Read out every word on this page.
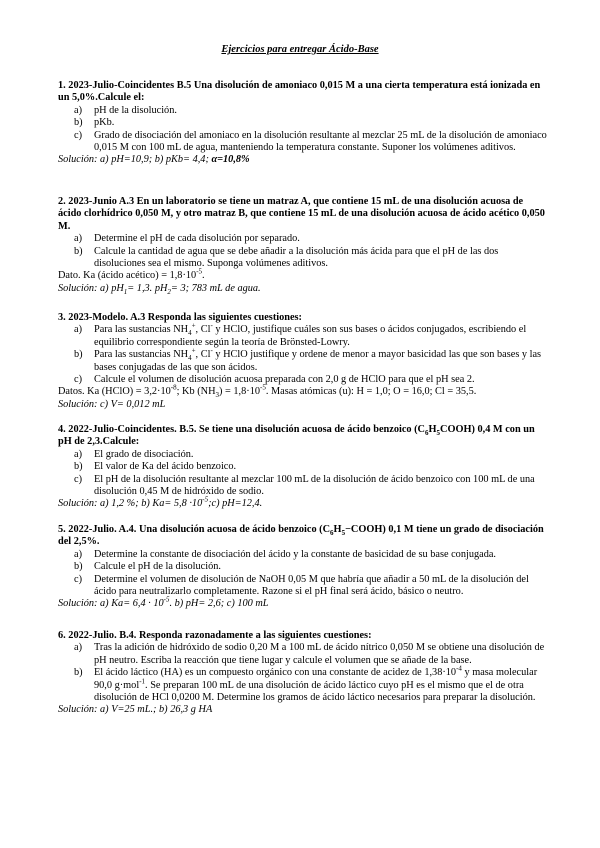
Ejercicios para entregar Ácido-Base
1. 2023-Julio-Coincidentes B.5 Una disolución de amoniaco 0,015 M a una cierta temperatura está ionizada en un 5,0%.Calcule el:
a) pH de la disolución.
b) pKb.
c) Grado de disociación del amoniaco en la disolución resultante al mezclar 25 mL de la disolución de amoniaco 0,015 M con 100 mL de agua, manteniendo la temperatura constante. Suponer los volúmenes aditivos.
Solución: a) pH=10,9; b) pKb= 4,4; α=10,8%
2. 2023-Junio A.3 En un laboratorio se tiene un matraz A, que contiene 15 mL de una disolución acuosa de ácido clorhídrico 0,050 M, y otro matraz B, que contiene 15 mL de una disolución acuosa de ácido acético 0,050 M.
a) Determine el pH de cada disolución por separado.
b) Calcule la cantidad de agua que se debe añadir a la disolución más ácida para que el pH de las dos disoluciones sea el mismo. Suponga volúmenes aditivos.
Dato. Ka (ácido acético) = $1,8\cdot 10^{-5}$.
Solución: a) $pH_1= 1,3$. $pH_2= 3$; 783 mL de agua.
3. 2023-Modelo. A.3 Responda las siguientes cuestiones:
a) Para las sustancias $NH_4^+$, Cl- y HClO, justifique cuáles son sus bases o ácidos conjugados, escribiendo el equilibrio correspondiente según la teoría de Brönsted-Lowry.
b) Para las sustancias $NH_4^+$, Cl- y HClO justifique y ordene de menor a mayor basicidad las que son bases y las bases conjugadas de las que son ácidos.
c) Calcule el volumen de disolución acuosa preparada con 2,0 g de HClO para que el pH sea 2.
Datos. Ka (HClO) = $3,2\cdot 10^{-8}$; Kb $(NH_3) = 1,8\cdot 10^{-5}$. Masas atómicas (u): H = 1,0; O = 16,0; Cl = 35,5.
Solución: c) V= 0,012 mL
4. 2022-Julio-Coincidentes. B.5. Se tiene una disolución acuosa de ácido benzoico $(C_6H_5COOH)$ 0,4 M con un pH de 2,3.Calcule:
a) El grado de disociación.
b) El valor de Ka del ácido benzoico.
c) El pH de la disolución resultante al mezclar 100 mL de la disolución de ácido benzoico con 100 mL de una disolución 0,45 M de hidróxido de sodio.
Solución: a) 1,2 %; b) $Ka= 5,8 \cdot 10^{-5};c$) pH=12,4.
5. 2022-Julio. A.4. Una disolución acuosa de ácido benzoico $(C_6H_5-COOH)$ 0,1 M tiene un grado de disociación del 2,5%.
a) Determine la constante de disociación del ácido y la constante de basicidad de su base conjugada.
b) Calcule el pH de la disolución.
c) Determine el volumen de disolución de NaOH 0,05 M que habría que añadir a 50 mL de la disolución del ácido para neutralizarlo completamente. Razone si el pH final será ácido, básico o neutro.
Solución: a) $Ka= 6,4 \cdot 10^{-5}$. b) pH= 2,6; c) 100 mL
6. 2022-Julio. B.4. Responda razonadamente a las siguientes cuestiones:
a) Tras la adición de hidróxido de sodio 0,20 M a 100 mL de ácido nítrico 0,050 M se obtiene una disolución de pH neutro. Escriba la reacción que tiene lugar y calcule el volumen que se añade de la base.
b) El ácido láctico (HA) es un compuesto orgánico con una constante de acidez de $1,38\cdot 10^{-4}$ y masa molecular 90,0 g·mol$^{-1}$. Se preparan 100 mL de una disolución de ácido láctico cuyo pH es el mismo que el de otra disolución de HCl 0,0200 M. Determine los gramos de ácido láctico necesarios para preparar la disolución.
Solución: a) V=25 mL.; b) 26,3 g HA
